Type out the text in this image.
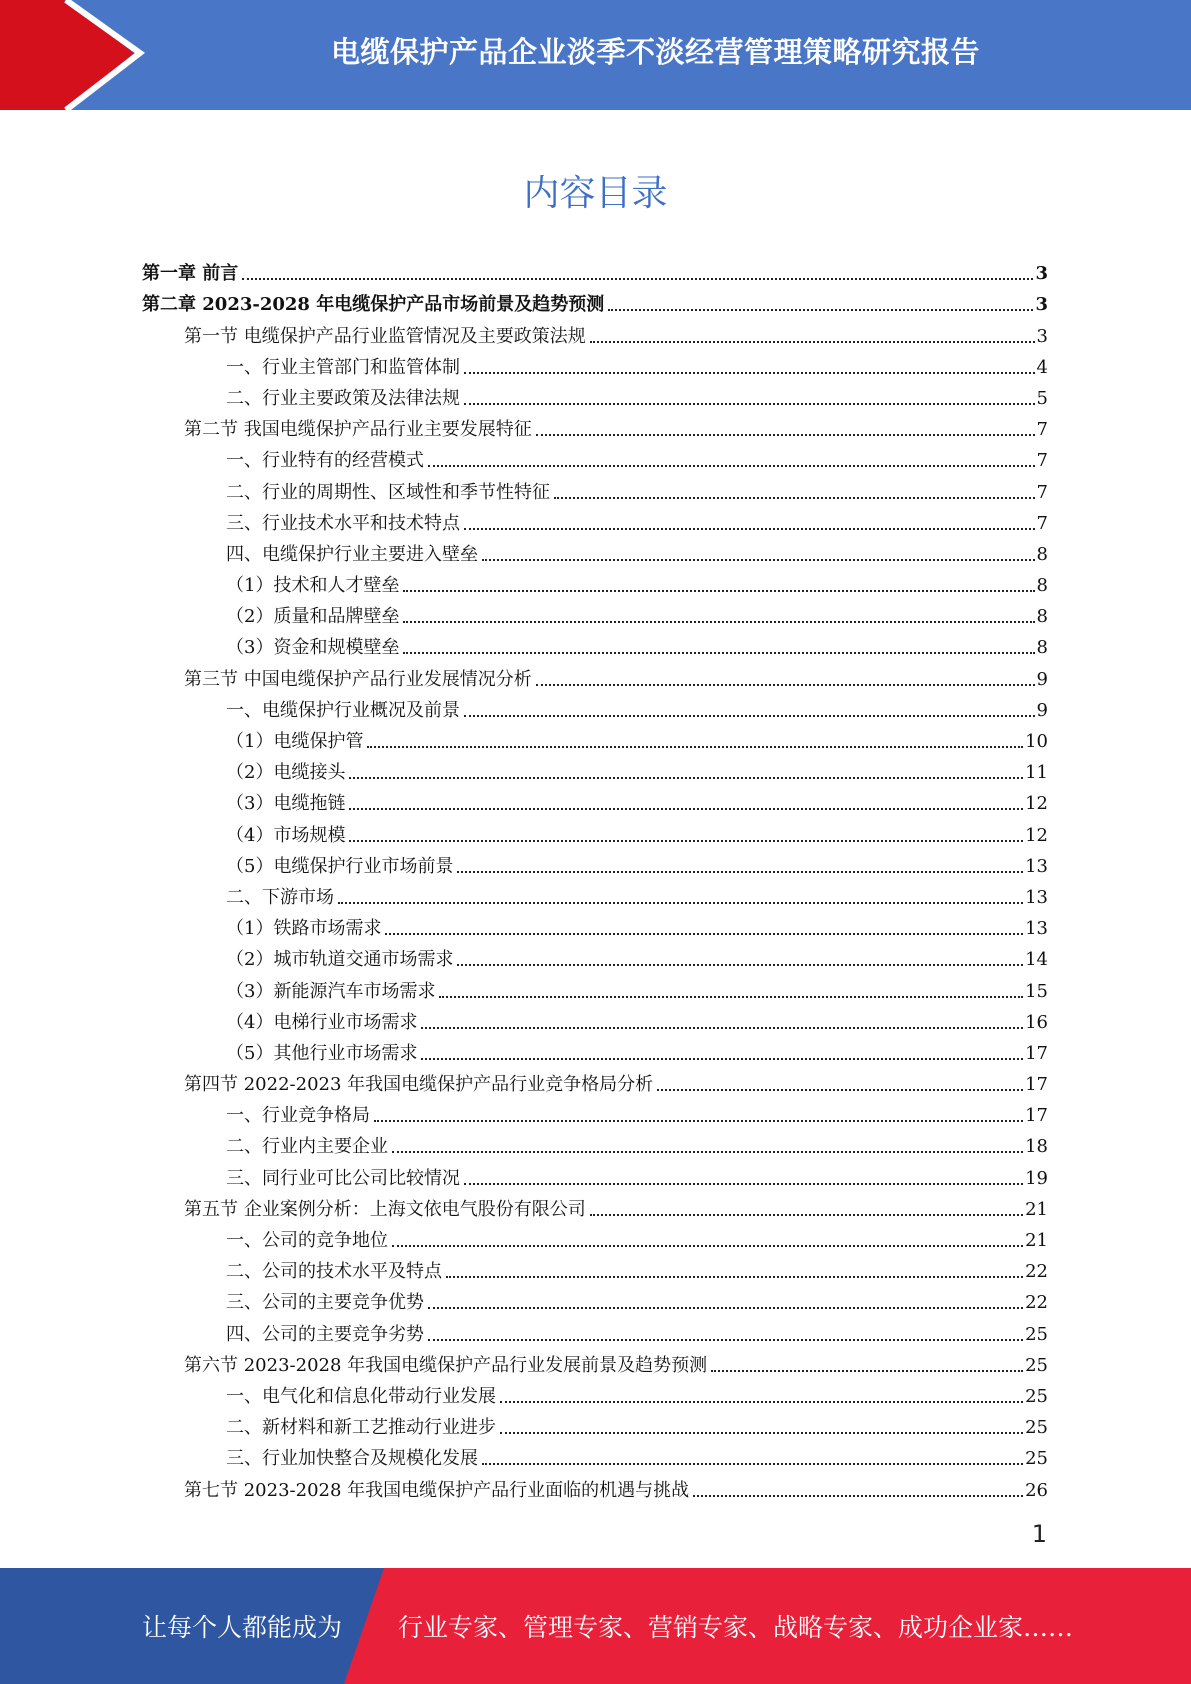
电缆保护产品企业淡季不淡经营管理策略研究报告
内容目录
第一章 前言	3
第二章 2023-2028 年电缆保护产品市场前景及趋势预测	3
第一节 电缆保护产品行业监管情况及主要政策法规	3
一、行业主管部门和监管体制	4
二、行业主要政策及法律法规	5
第二节 我国电缆保护产品行业主要发展特征	7
一、行业特有的经营模式	7
二、行业的周期性、区域性和季节性特征	7
三、行业技术水平和技术特点	7
四、电缆保护行业主要进入壁垒	8
（1）技术和人才壁垒	8
（2）质量和品牌壁垒	8
（3）资金和规模壁垒	8
第三节 中国电缆保护产品行业发展情况分析	9
一、电缆保护行业概况及前景	9
（1）电缆保护管	10
（2）电缆接头	11
（3）电缆拖链	12
（4）市场规模	12
（5）电缆保护行业市场前景	13
二、下游市场	13
（1）铁路市场需求	13
（2）城市轨道交通市场需求	14
（3）新能源汽车市场需求	15
（4）电梯行业市场需求	16
（5）其他行业市场需求	17
第四节 2022-2023 年我国电缆保护产品行业竞争格局分析	17
一、行业竞争格局	17
二、行业内主要企业	18
三、同行业可比公司比较情况	19
第五节 企业案例分析：上海文依电气股份有限公司	21
一、公司的竞争地位	21
二、公司的技术水平及特点	22
三、公司的主要竞争优势	22
四、公司的主要竞争劣势	25
第六节 2023-2028 年我国电缆保护产品行业发展前景及趋势预测	25
一、电气化和信息化带动行业发展	25
二、新材料和新工艺推动行业进步	25
三、行业加快整合及规模化发展	25
第七节 2023-2028 年我国电缆保护产品行业面临的机遇与挑战	26
1
让每个人都能成为 行业专家、管理专家、营销专家、战略专家、成功企业家……
